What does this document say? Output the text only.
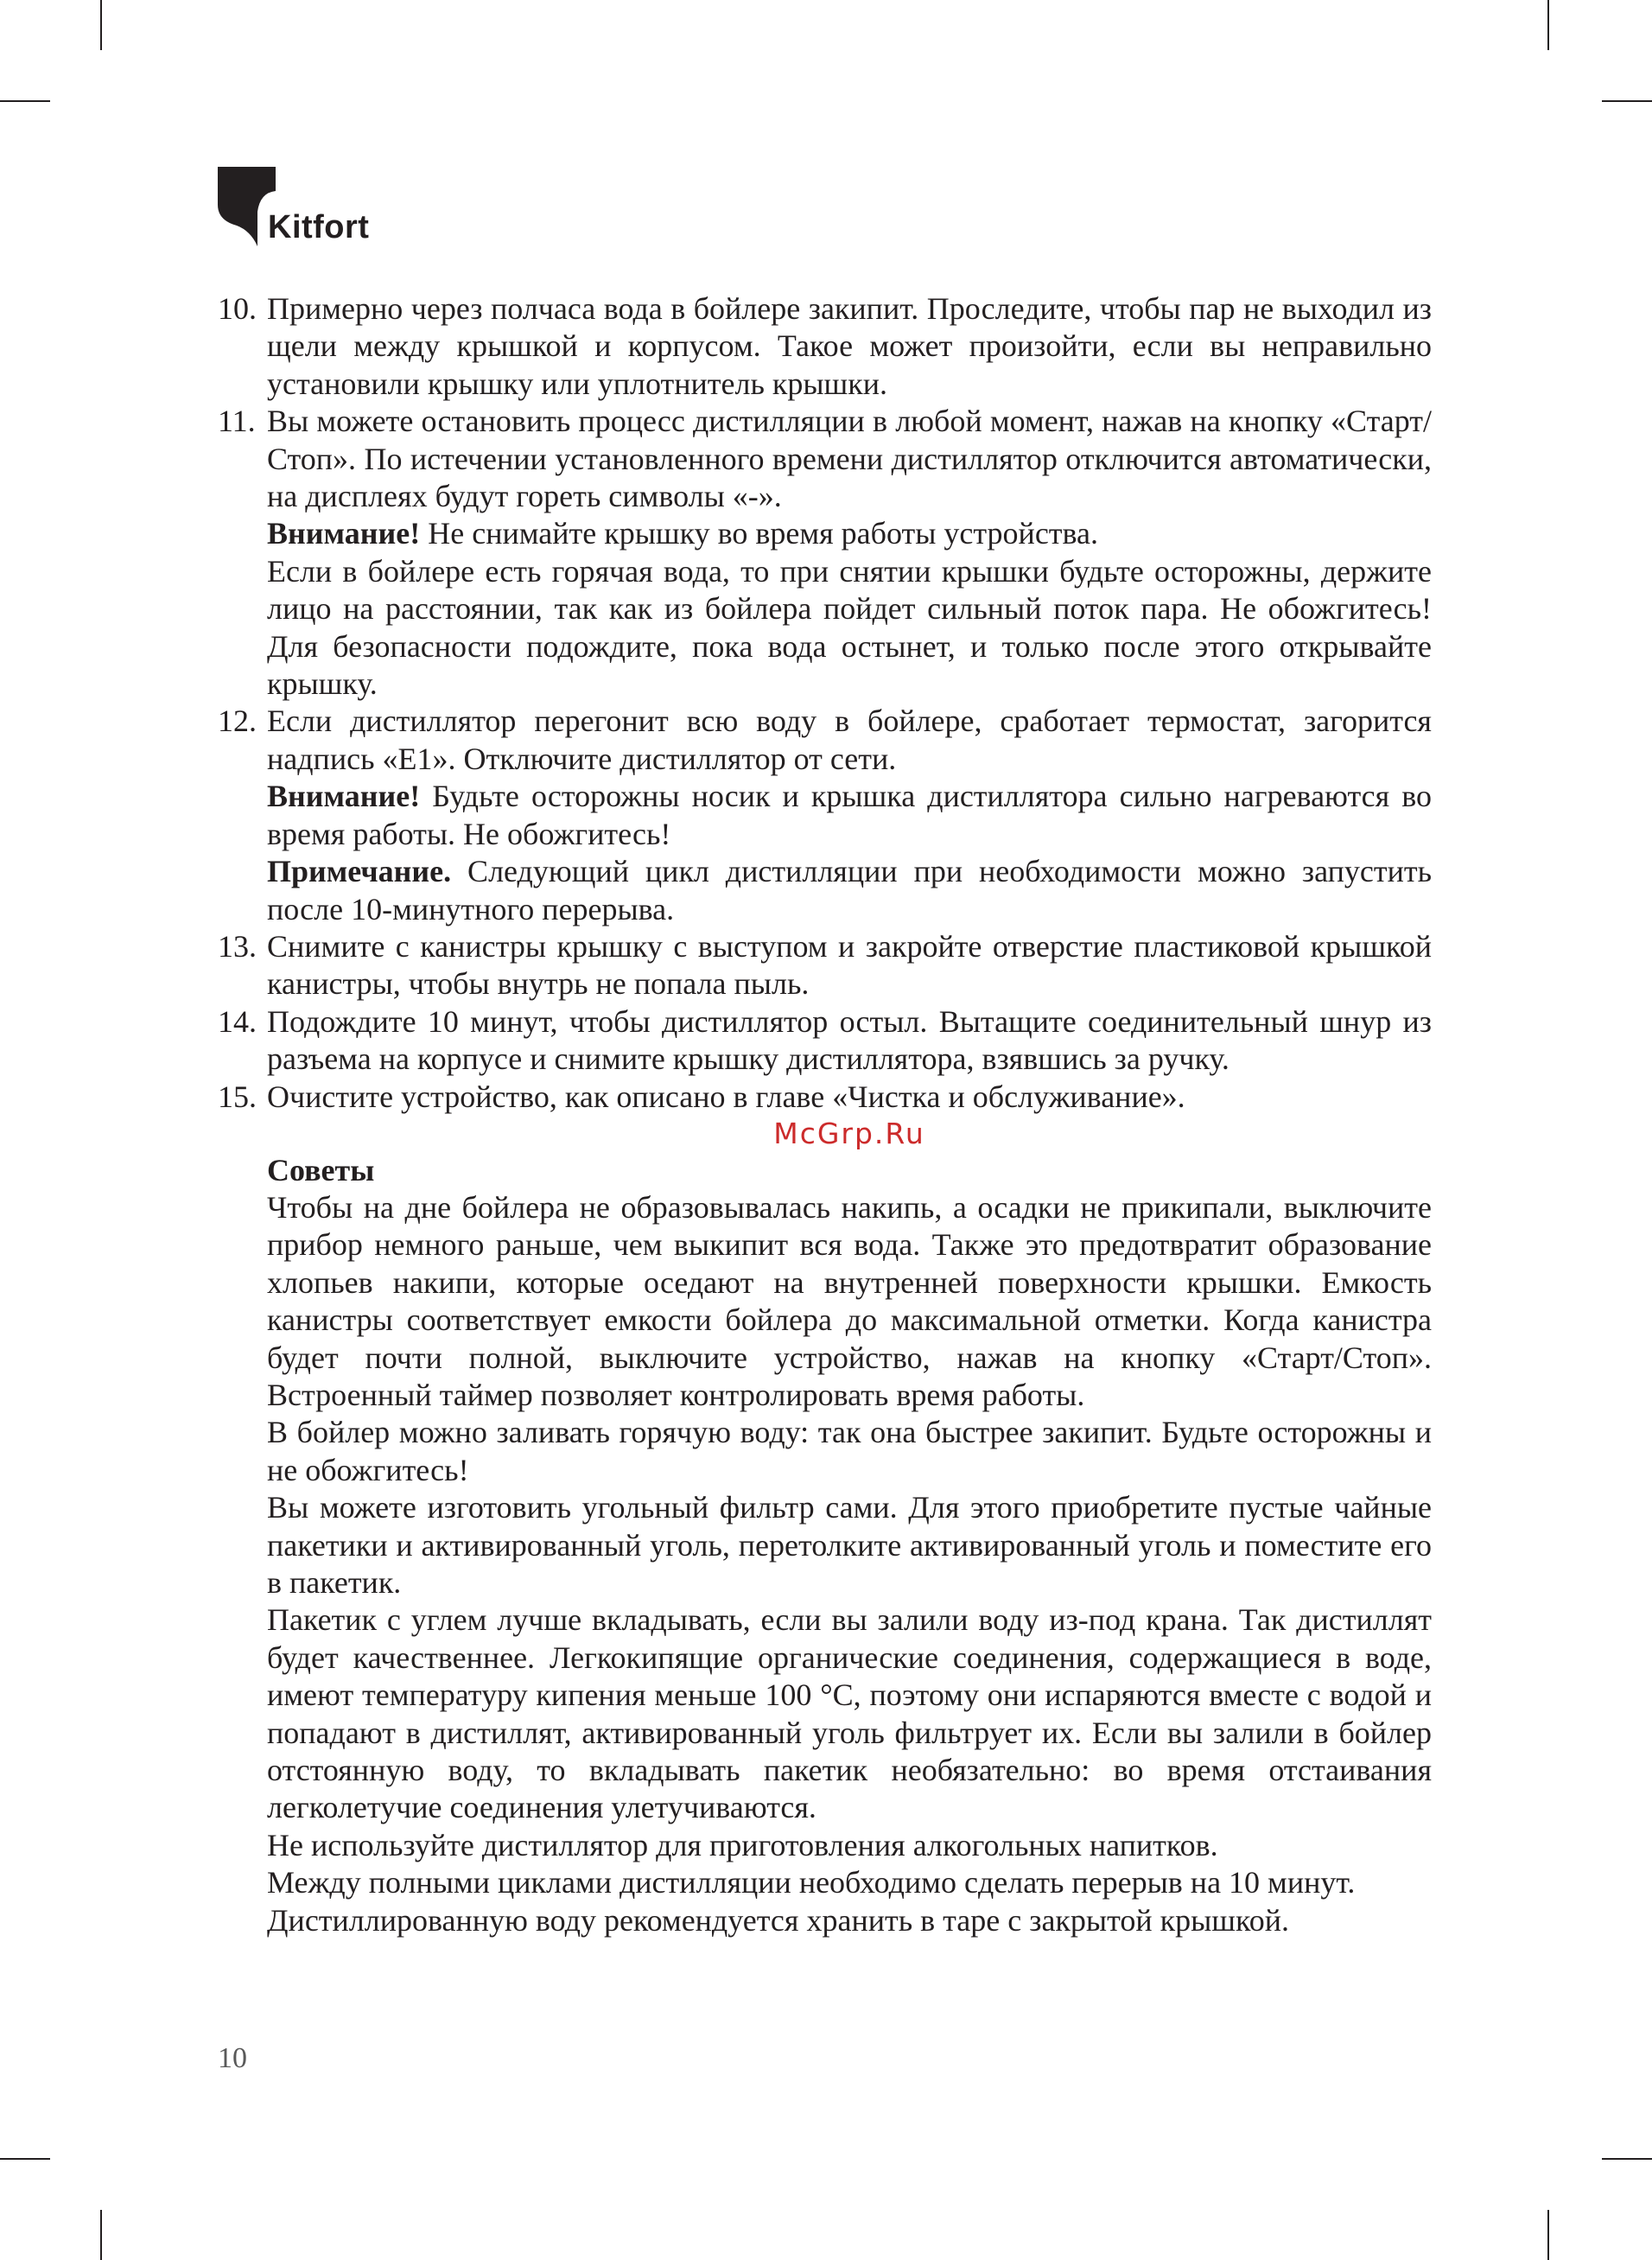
Kitfort
10. Примерно через полчаса вода в бойлере закипит. Проследите, чтобы пар не выходил из щели между крышкой и корпусом. Такое может произойти, если вы неправильно установили крышку или уплотнитель крышки.

11. Вы можете остановить процесс дистилляции в любой момент, нажав на кнопку «Старт/Стоп». По истечении установленного времени дистиллятор отключится автоматически, на дисплеях будут гореть символы «-».

Внимание! Не снимайте крышку во время работы устройства.

Если в бойлере есть горячая вода, то при снятии крышки будьте осторожны, держите лицо на расстоянии, так как из бойлера пойдет сильный поток пара. Не обожгитесь! Для безопасности подождите, пока вода остынет, и только после этого открывайте крышку.

12. Если дистиллятор перегонит всю воду в бойлере, сработает термостат, загорится надпись «E1». Отключите дистиллятор от сети.

Внимание! Будьте осторожны носик и крышка дистиллятора сильно нагреваются во время работы. Не обожгитесь!

Примечание. Следующий цикл дистилляции при необходимости можно запустить после 10-минутного перерыва.

13. Снимите с канистры крышку с выступом и закройте отверстие пластиковой крышкой канистры, чтобы внутрь не попала пыль.

14. Подождите 10 минут, чтобы дистиллятор остыл. Вытащите соединительный шнур из разъема на корпусе и снимите крышку дистиллятора, взявшись за ручку.

15. Очистите устройство, как описано в главе «Чистка и обслуживание».

McGrp.Ru

Советы

Чтобы на дне бойлера не образовывалась накипь, а осадки не прикипали, выключите прибор немного раньше, чем выкипит вся вода. Также это предотвратит образование хлопьев накипи, которые оседают на внутренней поверхности крышки. Емкость канистры соответствует емкости бойлера до максимальной отметки. Когда канистра будет почти полной, выключите устройство, нажав на кнопку «Старт/Стоп». Встроенный таймер позволяет контролировать время работы.

В бойлер можно заливать горячую воду: так она быстрее закипит. Будьте осторожны и не обожгитесь!

Вы можете изготовить угольный фильтр сами. Для этого приобретите пустые чайные пакетики и активированный уголь, перетолките активированный уголь и поместите его в пакетик.

Пакетик с углем лучше вкладывать, если вы залили воду из-под крана. Так дистиллят будет качественнее. Легкокипящие органические соединения, содержащиеся в воде, имеют температуру кипения меньше 100 °С, поэтому они испаряются вместе с водой и попадают в дистиллят, активированный уголь фильтрует их. Если вы залили в бойлер отстоянную воду, то вкладывать пакетик необязательно: во время отстаивания легколетучие соединения улетучиваются.

Не используйте дистиллятор для приготовления алкогольных напитков.

Между полными циклами дистилляции необходимо сделать перерыв на 10 минут.

Дистиллированную воду рекомендуется хранить в таре с закрытой крышкой.

10
